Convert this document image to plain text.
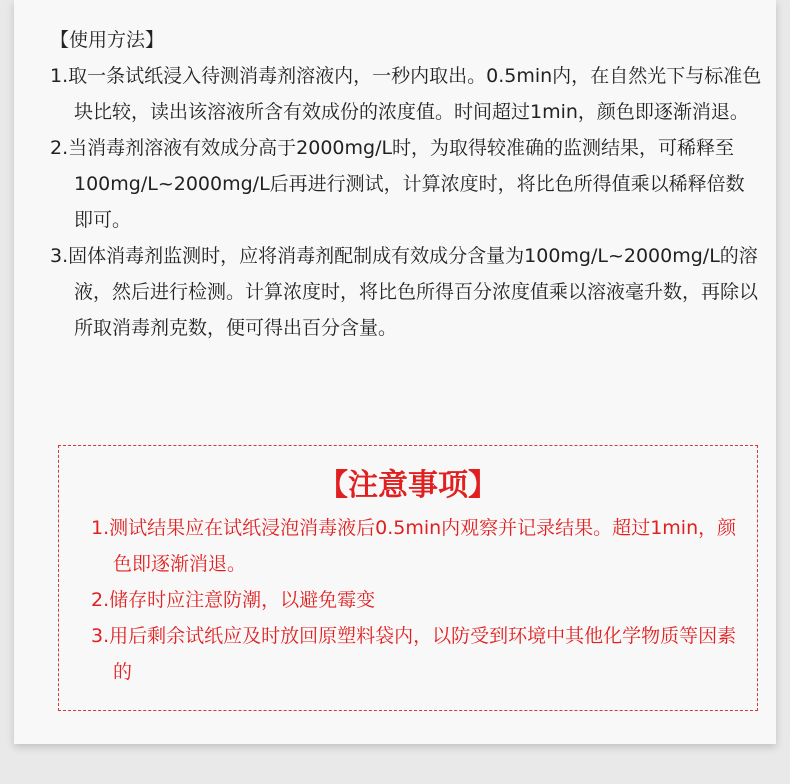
【使用方法】

1.取一条试纸浸入待测消毒剂溶液内，一秒内取出。0.5min内，在自然光下与标准色块比较，读出该溶液所含有效成份的浓度值。时间超过1min，颜色即逐渐消退。

2.当消毒剂溶液有效成分高于2000mg/L时，为取得较准确的监测结果，可稀释至100mg/L~2000mg/L后再进行测试，计算浓度时，将比色所得值乘以稀释倍数即可。

3.固体消毒剂监测时，应将消毒剂配制成有效成分含量为100mg/L~2000mg/L的溶液，然后进行检测。计算浓度时，将比色所得百分浓度值乘以溶液毫升数，再除以所取消毒剂克数，便可得出百分含量。

【注意事项】

1.测试结果应在试纸浸泡消毒液后0.5min内观察并记录结果。超过1min，颜色即逐渐消退。

2.储存时应注意防潮，以避免霉变

3.用后剩余试纸应及时放回原塑料袋内，以防受到环境中其他化学物质等因素的
